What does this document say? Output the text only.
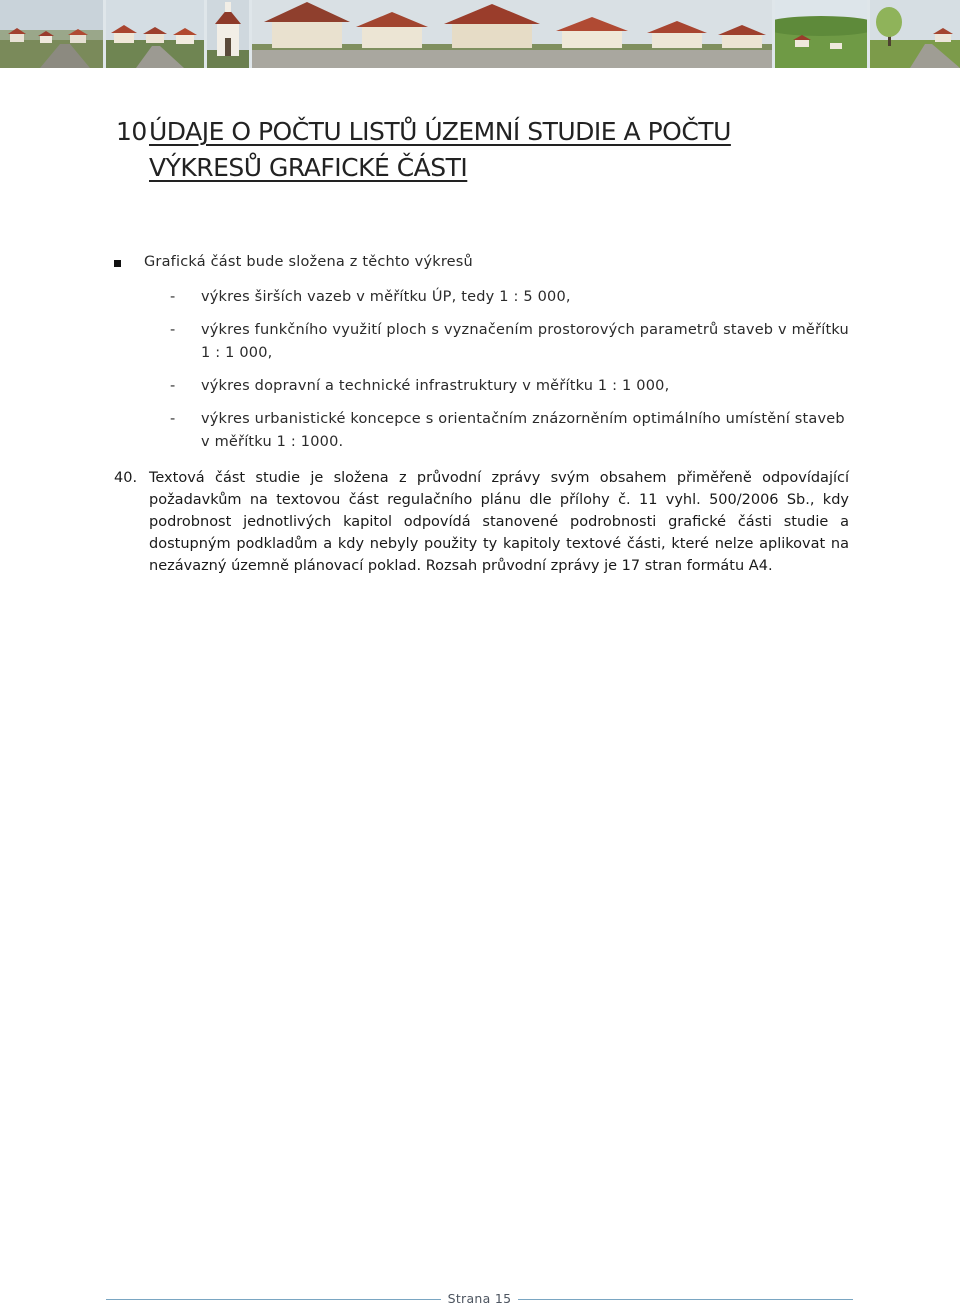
10 ÚDAJE O POČTU LISTŮ ÚZEMNÍ STUDIE A POČTU VÝKRESŮ GRAFICKÉ ČÁSTI
Grafická část bude složena z těchto výkresů
- výkres širších vazeb v měřítku ÚP, tedy 1 : 5 000,
- výkres funkčního využití ploch s vyznačením prostorových parametrů staveb v měřítku 1 : 1 000,
- výkres dopravní a technické infrastruktury v měřítku 1 : 1 000,
- výkres urbanistické koncepce s orientačním znázorněním optimálního umístění staveb v měřítku 1 : 1000.
40. Textová část studie je složena z průvodní zprávy svým obsahem přiměřeně odpovídající požadavkům na textovou část regulačního plánu dle přílohy č. 11 vyhl. 500/2006 Sb., kdy podrobnost jednotlivých kapitol odpovídá stanovené podrobnosti grafické části studie a dostupným podkladům a kdy nebyly použity ty kapitoly textové části, které nelze aplikovat na nezávazný územně plánovací poklad. Rozsah průvodní zprávy je 17 stran formátu A4.
Strana 15
